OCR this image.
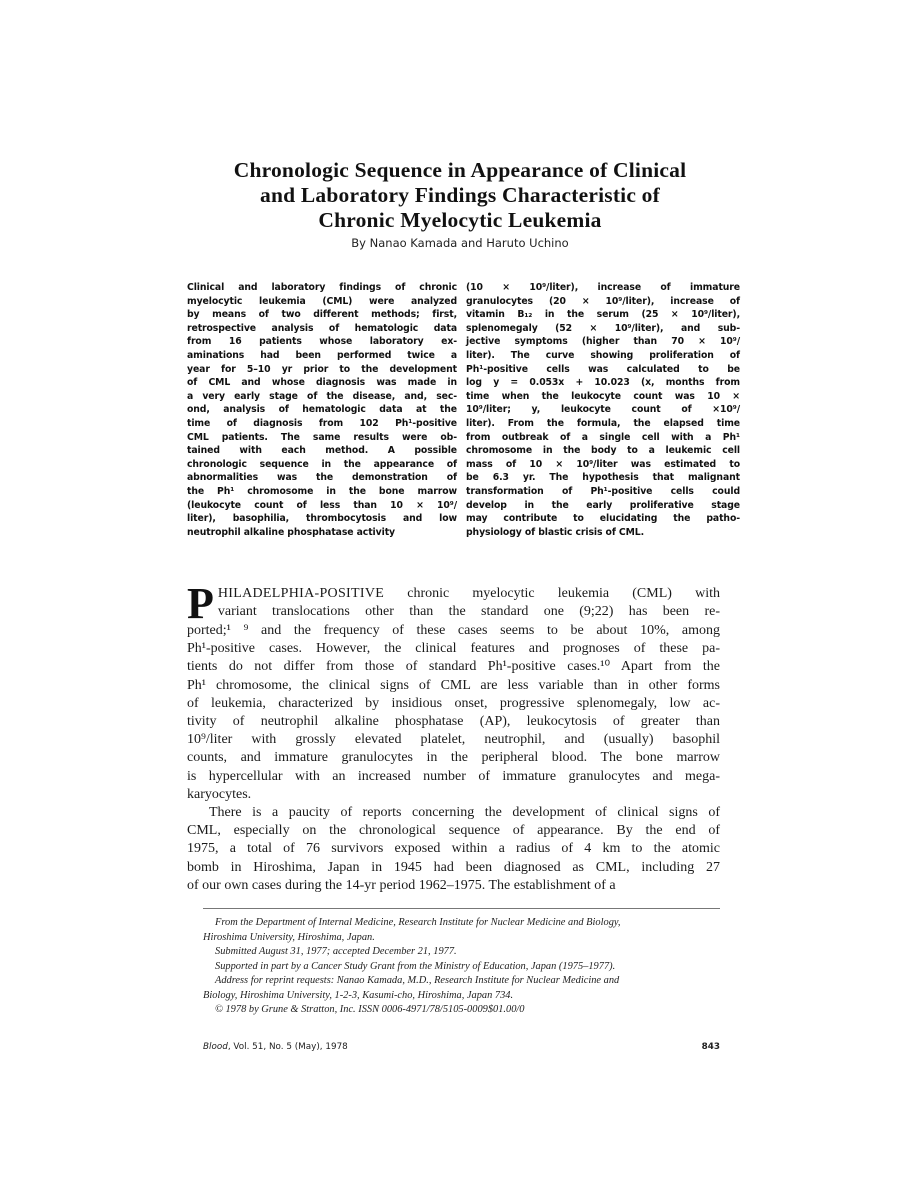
Chronologic Sequence in Appearance of Clinical
and Laboratory Findings Characteristic of
Chronic Myelocytic Leukemia
By Nanao Kamada and Haruto Uchino
Clinical and laboratory findings of chronic
myelocytic leukemia (CML) were analyzed
by means of two different methods; first,
retrospective analysis of hematologic data
from 16 patients whose laboratory ex-
aminations had been performed twice a
year for 5–10 yr prior to the development
of CML and whose diagnosis was made in
a very early stage of the disease, and, sec-
ond, analysis of hematologic data at the
time of diagnosis from 102 Ph¹-positive
CML patients. The same results were ob-
tained with each method. A possible
chronologic sequence in the appearance of
abnormalities was the demonstration of
the Ph¹ chromosome in the bone marrow
(leukocyte count of less than 10 × 10⁹/
liter), basophilia, thrombocytosis and low
neutrophil alkaline phosphatase activity
(10 × 10⁹/liter), increase of immature
granulocytes (20 × 10⁹/liter), increase of
vitamin B₁₂ in the serum (25 × 10⁹/liter),
splenomegaly (52 × 10⁹/liter), and sub-
jective symptoms (higher than 70 × 10⁹/
liter). The curve showing proliferation of
Ph¹-positive cells was calculated to be
log y = 0.053x + 10.023 (x, months from
time when the leukocyte count was 10 ×
10⁹/liter; y, leukocyte count of ×10⁹/
liter). From the formula, the elapsed time
from outbreak of a single cell with a Ph¹
chromosome in the body to a leukemic cell
mass of 10 × 10⁹/liter was estimated to
be 6.3 yr. The hypothesis that malignant
transformation of Ph¹-positive cells could
develop in the early proliferative stage
may contribute to elucidating the patho-
physiology of blastic crisis of CML.
P HILADELPHIA-POSITIVE chronic myelocytic leukemia (CML) with
variant translocations other than the standard one (9;22) has been re-
ported;¹ ⁹ and the frequency of these cases seems to be about 10%, among
Ph¹-positive cases. However, the clinical features and prognoses of these pa-
tients do not differ from those of standard Ph¹-positive cases.¹⁰ Apart from the
Ph¹ chromosome, the clinical signs of CML are less variable than in other forms
of leukemia, characterized by insidious onset, progressive splenomegaly, low ac-
tivity of neutrophil alkaline phosphatase (AP), leukocytosis of greater than
10⁹/liter with grossly elevated platelet, neutrophil, and (usually) basophil
counts, and immature granulocytes in the peripheral blood. The bone marrow
is hypercellular with an increased number of immature granulocytes and mega-
karyocytes.
There is a paucity of reports concerning the development of clinical signs of
CML, especially on the chronological sequence of appearance. By the end of
1975, a total of 76 survivors exposed within a radius of 4 km to the atomic
bomb in Hiroshima, Japan in 1945 had been diagnosed as CML, including 27
of our own cases during the 14-yr period 1962–1975. The establishment of a
From the Department of Internal Medicine, Research Institute for Nuclear Medicine and Biology,
Hiroshima University, Hiroshima, Japan.
Submitted August 31, 1977; accepted December 21, 1977.
Supported in part by a Cancer Study Grant from the Ministry of Education, Japan (1975–1977).
Address for reprint requests: Nanao Kamada, M.D., Research Institute for Nuclear Medicine and
Biology, Hiroshima University, 1-2-3, Kasumi-cho, Hiroshima, Japan 734.
© 1978 by Grune & Stratton, Inc. ISSN 0006-4971/78/5105-0009$01.00/0
Blood, Vol. 51, No. 5 (May), 1978	843
